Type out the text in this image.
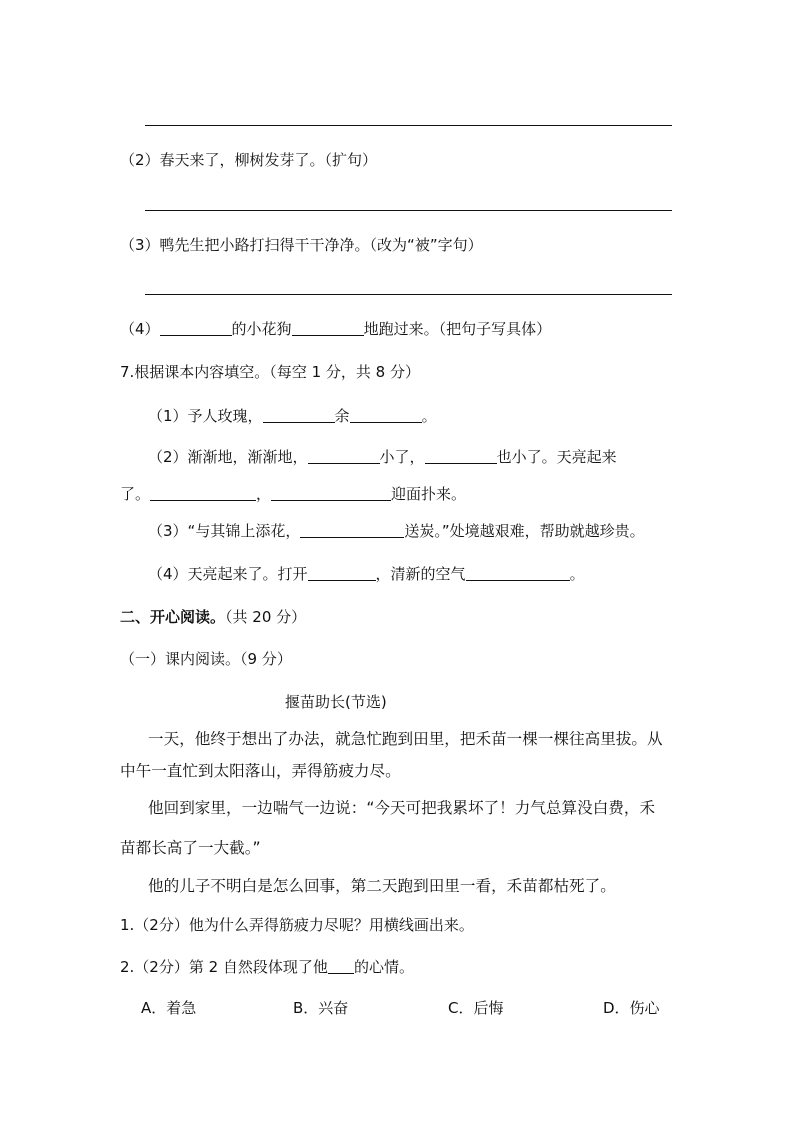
（2）春天来了，柳树发芽了。（扩句）
（3）鸭先生把小路打扫得干干净净。（改为“被”字句）
（4）	的小花狗	地跑过来。（把句子写具体）
7.根据课本内容填空。（每空 1 分，共 8 分）
（1）予人玫瑰，	余	。
（2）渐渐地，渐渐地，	小了，	也小了。天亮起来
了。	，	迎面扑来。
（3）“与其锦上添花，	送炭。”处境越艰难，帮助就越珍贵。
（4）天亮起来了。打开	，清新的空气	。
二、开心阅读。（共 20 分）
（一）课内阅读。（9 分）
揠苗助长(节选)
一天，他终于想出了办法，就急忙跑到田里，把禾苗一棵一棵往高里拔。从
中午一直忙到太阳落山，弄得筋疲力尽。
他回到家里，一边喘气一边说：“今天可把我累坏了！力气总算没白费，禾
苗都长高了一大截。”
他的儿子不明白是怎么回事，第二天跑到田里一看，禾苗都枯死了。
1.（2分）他为什么弄得筋疲力尽呢？用横线画出来。
2.（2分）第 2 自然段体现了他 的心情。
A．着急	B．兴奋	C．后悔	D．伤心
